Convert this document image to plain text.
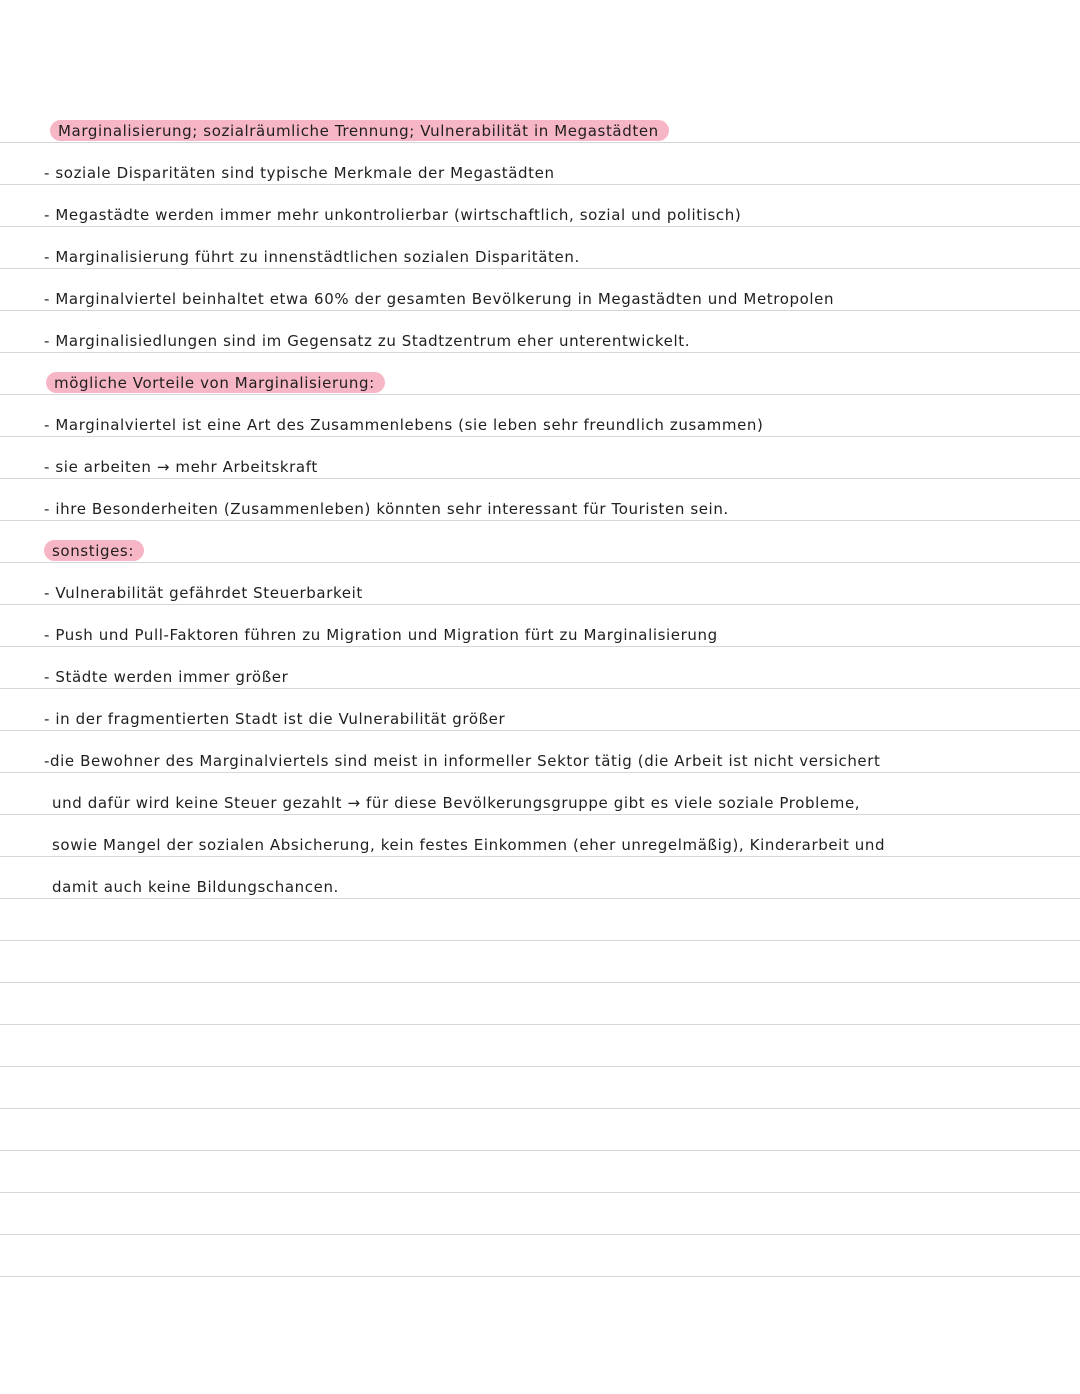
Marginalisierung; sozialräumliche Trennung; Vulnerabilität in Megastädten
- soziale Disparitäten sind typische Merkmale der Megastädten
- Megastädte werden immer mehr unkontrolierbar (wirtschaftlich, sozial und politisch)
- Marginalisierung führt zu innenstädtlichen sozialen Disparitäten.
- Marginalviertel beinhaltet etwa 60% der gesamten Bevölkerung in Megastädten und Metropolen
- Marginalisiedlungen sind im Gegensatz zu Stadtzentrum eher unterentwickelt.
mögliche Vorteile von Marginalisierung:
- Marginalviertel ist eine Art des Zusammenlebens (sie leben sehr freundlich zusammen)
- sie arbeiten → mehr Arbeitskraft
- ihre Besonderheiten (Zusammenleben) könnten sehr interessant für Touristen sein.
sonstiges:
- Vulnerabilität gefährdet Steuerbarkeit
- Push und Pull-Faktoren führen zu Migration und Migration fürt zu Marginalisierung
- Städte werden immer größer
- in der fragmentierten Stadt ist die Vulnerabilität größer
-die Bewohner des Marginalviertels sind meist in informeller Sektor tätig (die Arbeit ist nicht versichert
und dafür wird keine Steuer gezahlt → für diese Bevölkerungsgruppe gibt es viele soziale Probleme,
sowie Mangel der sozialen Absicherung, kein festes Einkommen (eher unregelmäßig), Kinderarbeit und
damit auch keine Bildungschancen.
